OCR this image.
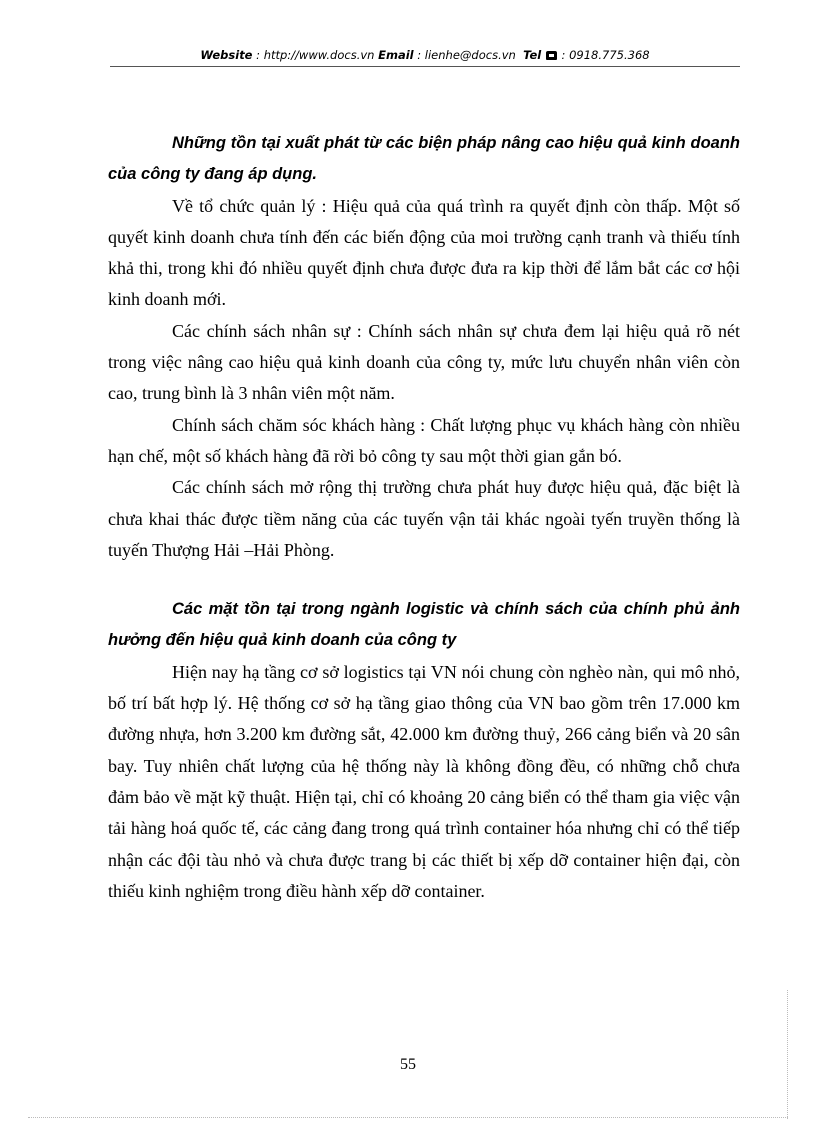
Website : http://www.docs.vn Email : lienhe@docs.vn Tel  : 0918.775.368

Những tồn tại xuất phát từ các biện pháp nâng cao hiệu quả kinh doanh của công ty đang áp dụng.

Về tổ chức quản lý : Hiệu quả của quá trình ra quyết định còn thấp. Một số quyết kinh doanh chưa tính đến các biến động của moi trường cạnh tranh và thiếu tính khả thi, trong khi đó nhiều quyết định chưa được đưa ra kịp thời để lắm bắt các cơ hội kinh doanh mới.

Các chính sách nhân sự : Chính sách nhân sự chưa đem lại hiệu quả rõ nét trong việc nâng cao hiệu quả kinh doanh của công ty, mức lưu chuyển nhân viên còn cao, trung bình là 3 nhân viên một năm.

Chính sách chăm sóc khách hàng : Chất lượng phục vụ khách hàng còn nhiều hạn chế, một số khách hàng đã rời bỏ công ty sau một thời gian gắn bó.

Các chính sách mở rộng thị trường chưa phát huy được hiệu quả, đặc biệt là chưa khai thác được tiềm năng của các tuyến vận tải khác ngoài tyến truyền thống là tuyến Thượng Hải –Hải Phòng.

Các mặt tồn tại trong ngành logistic và chính sách của chính phủ ảnh hưởng đến hiệu quả kinh doanh của công ty

Hiện nay hạ tầng cơ sở logistics tại VN nói chung còn nghèo nàn, qui mô nhỏ, bố trí bất hợp lý. Hệ thống cơ sở hạ tầng giao thông của VN bao gồm trên 17.000 km đường nhựa, hơn 3.200 km đường sắt, 42.000 km đường thuỷ, 266 cảng biển và 20 sân bay. Tuy nhiên chất lượng của hệ thống này là không đồng đều, có những chỗ chưa đảm bảo về mặt kỹ thuật. Hiện tại, chỉ có khoảng 20 cảng biển có thể tham gia việc vận tải hàng hoá quốc tế, các cảng đang trong quá trình container hóa nhưng chỉ có thể tiếp nhận các đội tàu nhỏ và chưa được trang bị các thiết bị xếp dỡ container hiện đại, còn thiếu kinh nghiệm trong điều hành xếp dỡ container.

55
